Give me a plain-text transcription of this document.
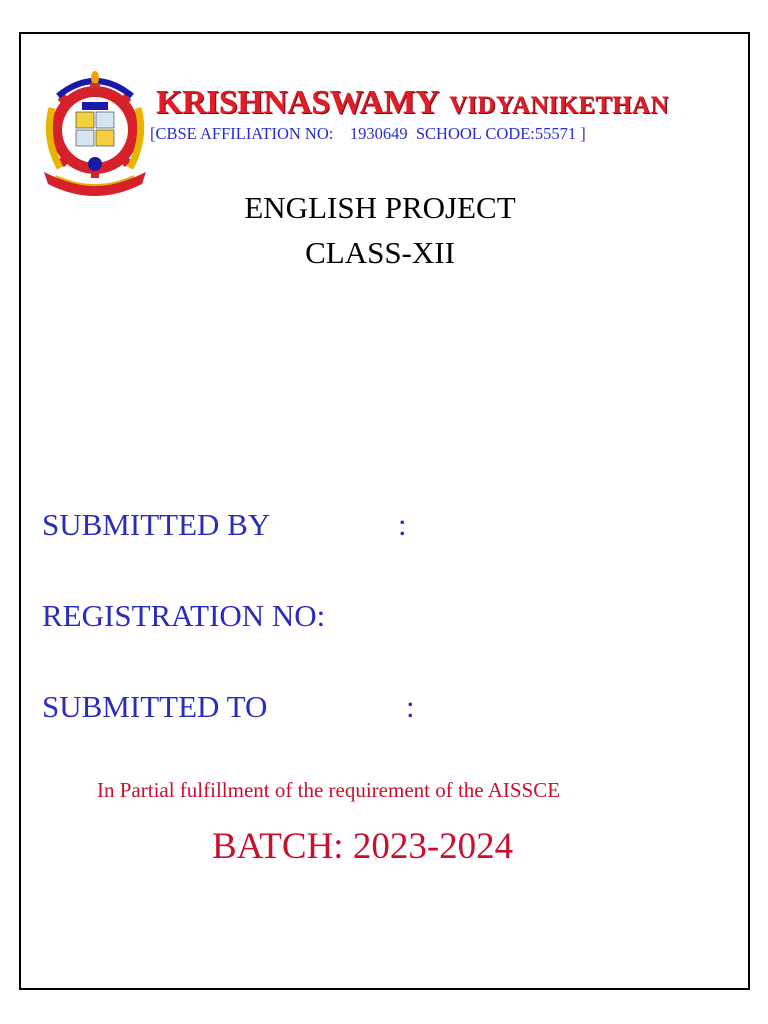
KRISHNASWAMY VIDYANIKETHAN
[CBSE AFFILIATION NO: 1930649 SCHOOL CODE:55571 ]
ENGLISH PROJECT
CLASS-XII
SUBMITTED BY	:
REGISTRATION NO:
SUBMITTED TO	:
In Partial fulfillment of the requirement of the AISSCE
BATCH: 2023-2024
